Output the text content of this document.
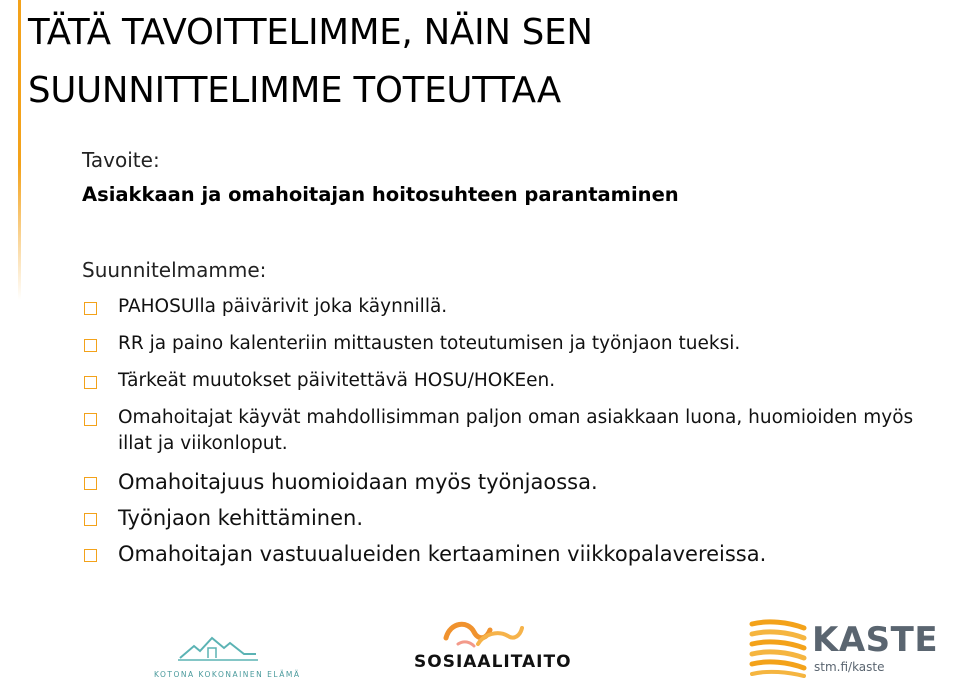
TÄTÄ TAVOITTELIMME, NÄIN SEN
SUUNNITTELIMME TOTEUTTAA
Tavoite:
Asiakkaan ja omahoitajan hoitosuhteen parantaminen
Suunnitelmamme:
PAHOSUlla päivärivit joka käynnillä.
RR ja paino kalenteriin mittausten toteutumisen ja työnjaon tueksi.
Tärkeät muutokset päivitettävä HOSU/HOKEen.
Omahoitajat käyvät mahdollisimman paljon oman asiakkaan luona, huomioiden myös illat ja viikonloput.
Omahoitajuus huomioidaan myös työnjaossa.
Työnjaon kehittäminen.
Omahoitajan vastuualueiden kertaaminen viikkopalavereissa.
KOTONA KOKONAINEN ELÄMÄ
SOSIAALITAITO
KASTE
stm.fi/kaste
